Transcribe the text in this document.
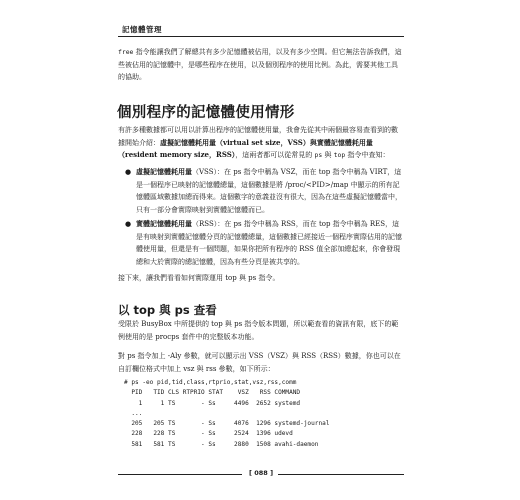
記憶體管理

free 指令能讓我們了解總共有多少記憶體被佔用，以及有多少空間。但它無法告訴我們，這些被佔用的記憶體中，是哪些程序在使用，以及個別程序的使用比例。為此，需要其他工具的協助。

個別程序的記憶體使用情形

有許多種數據都可以用以計算出程序的記憶體使用量，我會先從其中兩個最容易查看到的數據開始介紹：虛擬記憶體耗用量（virtual set size，VSS）與實體記憶體耗用量（resident memory size，RSS），這兩者都可以從常見的 ps 與 top 指令中查知：

● 虛擬記憶體耗用量（VSS）：在 ps 指令中稱為 VSZ，而在 top 指令中稱為 VIRT，這是一個程序已映射的記憶體總量，這個數據是將 /proc/<PID>/map 中顯示的所有記憶體區域數據加總而得來。這個數字的意義並沒有很大，因為在這些虛擬記憶體當中，只有一部分會實際映射到實體記憶體而已。
● 實體記憶體耗用量（RSS）：在 ps 指令中稱為 RSS，而在 top 指令中稱為 RES，這是有映射到實體記憶體分頁的記憶體總量，這個數據已經接近一個程序實際佔用的記憶體使用量，但還是有一個問題，如果你把所有程序的 RSS 值全部加總起來，你會發現總和大於實際的總記憶體，因為有些分頁是被共享的。

接下來，讓我們看看如何實際運用 top 與 ps 指令。

以 top 與 ps 查看

受限於 BusyBox 中所提供的 top 與 ps 指令版本問題，所以範查看的資訊有限，底下的範例使用的是 procps 套件中的完整版本功能。

對 ps 指令加上 -Aly 參數，就可以顯示出 VSS（VSZ）與 RSS（RSS）數據，你也可以在自訂欄位格式中加上 vsz 與 rss 參數，如下所示：

# ps -eo pid,tid,class,rtprio,stat,vsz,rss,comm
PID   TID CLS RTPRIO STAT    VSZ   RSS COMMAND
1     1 TS       - Ss     4496  2652 systemd
...
205   205 TS       - Ss     4076  1296 systemd-journal
228   228 TS       - Ss     2524  1396 udevd
581   581 TS       - Ss     2880  1508 avahi-daemon
[ 088 ]
